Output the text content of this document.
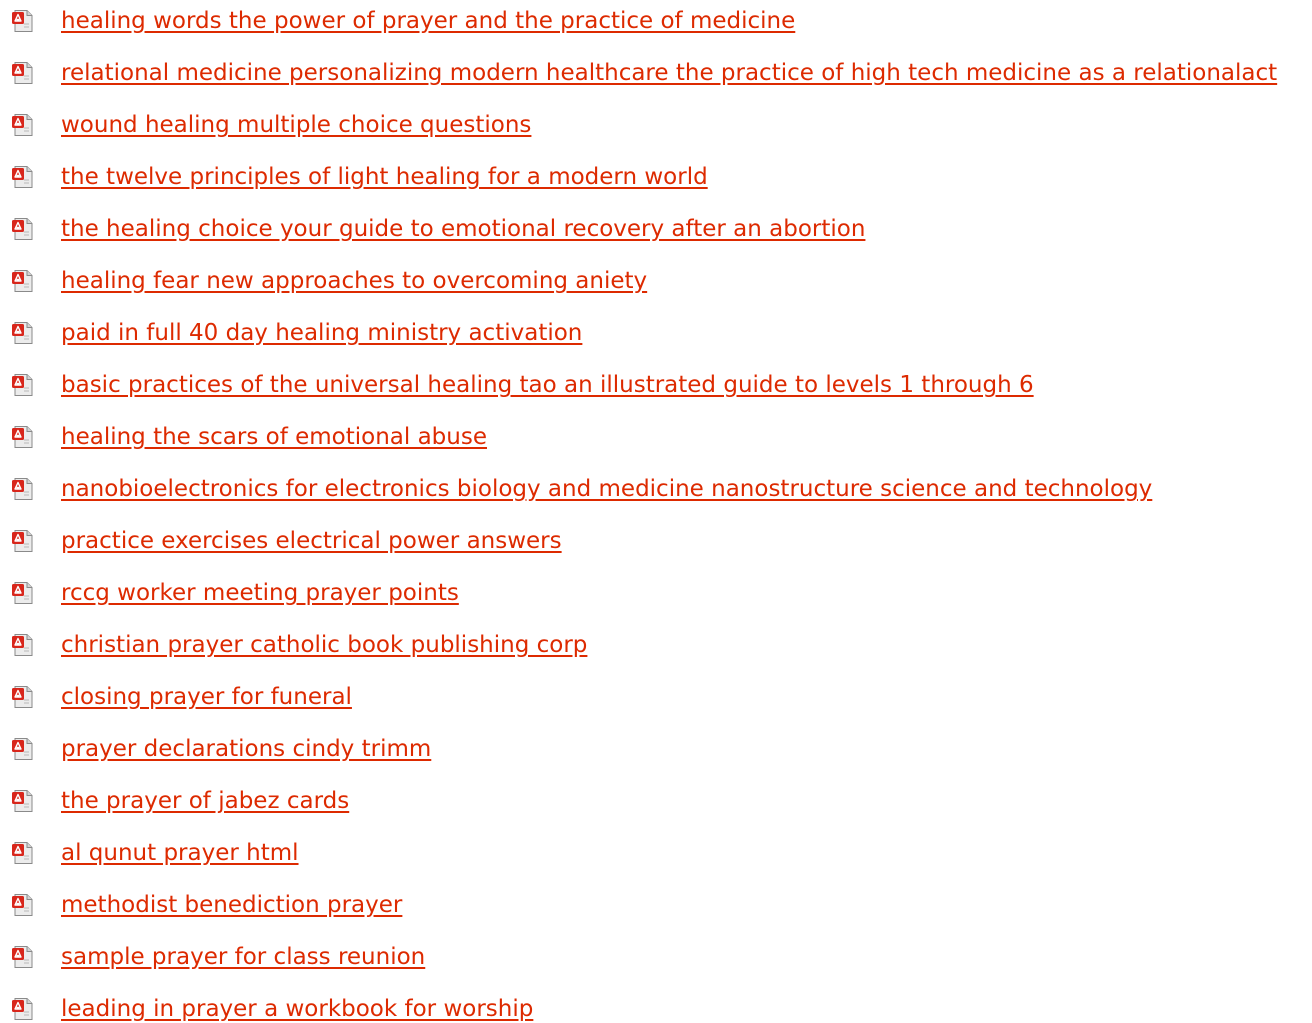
healing words the power of prayer and the practice of medicine
relational medicine personalizing modern healthcare the practice of high tech medicine as a relationalact
wound healing multiple choice questions
the twelve principles of light healing for a modern world
the healing choice your guide to emotional recovery after an abortion
healing fear new approaches to overcoming aniety
paid in full 40 day healing ministry activation
basic practices of the universal healing tao an illustrated guide to levels 1 through 6
healing the scars of emotional abuse
nanobioelectronics for electronics biology and medicine nanostructure science and technology
practice exercises electrical power answers
rccg worker meeting prayer points
christian prayer catholic book publishing corp
closing prayer for funeral
prayer declarations cindy trimm
the prayer of jabez cards
al qunut prayer html
methodist benediction prayer
sample prayer for class reunion
leading in prayer a workbook for worship
